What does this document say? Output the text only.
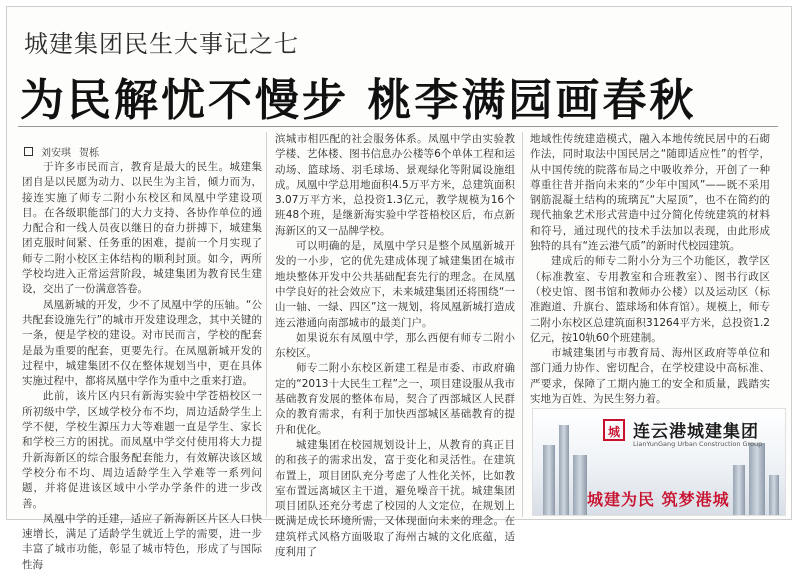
城建集团民生大事记之七
为民解忧不慢步 桃李满园画春秋
刘安琪 贺栎

于许多市民而言，教育是最大的民生。城建集团自是以民愿为动力、以民生为主旨，倾力而为，接连实施了师专二附小东校区和凤凰中学建设项目。在各级职能部门的大力支持、各协作单位的通力配合和一线人员夜以继日的奋力拼搏下，城建集团克服时间紧、任务重的困难，提前一个月实现了师专二附小校区主体结构的顺利封顶。如今，两所学校均进入正常运营阶段，城建集团为教育民生建设，交出了一份满意答卷。

凤凰新城的开发，少不了凤凰中学的压轴。“公共配套设施先行”的城市开发建设理念，其中关键的一条，便是学校的建设。对市民而言，学校的配套是最为重要的配套，更要先行。在凤凰新城开发的过程中，城建集团不仅在整体规划当中，更在具体实施过程中，都将凤凰中学作为重中之重来打造。

此前，该片区内只有新海实验中学苍梧校区一所初级中学，区域学校分布不均，周边适龄学生上学不便，学校生源压力大等难题一直是学生、家长和学校三方的困扰。而凤凰中学交付使用将大力提升新海新区的综合服务配套能力，有效解决该区域学校分布不均、周边适龄学生入学难等一系列问题，并将促进该区域中小学办学条件的进一步改善。

凤凰中学的迁建，适应了新海新区片区人口快速增长，满足了适龄学生就近上学的需要，进一步丰富了城市功能，彰显了城市特色，形成了与国际性海

滨城市相匹配的社会服务体系。凤凰中学由实验教学楼、艺体楼、图书信息办公楼等6个单体工程和运动场、篮球场、羽毛球场、景观绿化等附属设施组成。凤凰中学总用地面积4.5万平方米，总建筑面积3.07万平方米，总投资1.3亿元，教学规模为16个班48个班，是继新海实验中学苍梧校区后，布点新海新区的又一品牌学校。

可以明确的是，凤凰中学只是整个凤凰新城开发的一小步，它的优先建成体现了城建集团在城市地块整体开发中公共基础配套先行的理念。在凤凰中学良好的社会效应下，未来城建集团还将围绕“一山一轴、一绿、四区”这一规划，将凤凰新城打造成连云港通向南部城市的最美门户。

如果说东有凤凰中学，那么西便有师专二附小东校区。

师专二附小东校区新建工程是市委、市政府确定的“2013十大民生工程”之一，项目建设服从我市基础教育发展的整体布局，契合了西部城区人民群众的教育需求，有利于加快西部城区基础教育的提升和优化。

城建集团在校园规划设计上，从教育的真正目的和孩子的需求出发，富于变化和灵活性。在建筑布置上，项目团队充分考虑了人性化关怀，比如教室布置远离城区主干道，避免噪音干扰。城建集团项目团队还充分考虑了校园的人文定位，在规划上既满足成长环境所需，又体现面向未来的理念。在建筑样式风格方面吸取了海州古城的文化底蕴，适度利用了

地域性传统建造模式，融入本地传统民居中的石砌作法，同时取法中国民居之“随即适应性”的哲学，从中国传统的院落布局之中吸收养分，开创了一种尊重往昔并指向未来的“少年中国风”——既不采用钢筋混凝土结构的琉璃瓦“大屋顶”，也不在简约的现代抽象艺术形式营造中过分简化传统建筑的材料和符号，通过现代的技术手法加以表现，由此形成独特的具有“连云港气质”的新时代校园建筑。

建成后的师专二附小分为三个功能区，教学区（标准教室、专用教室和合班教室）、图书行政区（校史馆、图书馆和教师办公楼）以及运动区（标准跑道、升旗台、篮球场和体育馆）。规模上，师专二附小东校区总建筑面积31264平方米，总投资1.2亿元，按10轨60个班建制。

市城建集团与市教育局、海州区政府等单位和部门通力协作、密切配合，在学校建设中高标准、严要求，保障了工期内施工的安全和质量，践踏实实地为百姓、为民生努力着。

城 连云港城建集团
LianYunGang Urban Construction Group
城建为民 筑梦港城
